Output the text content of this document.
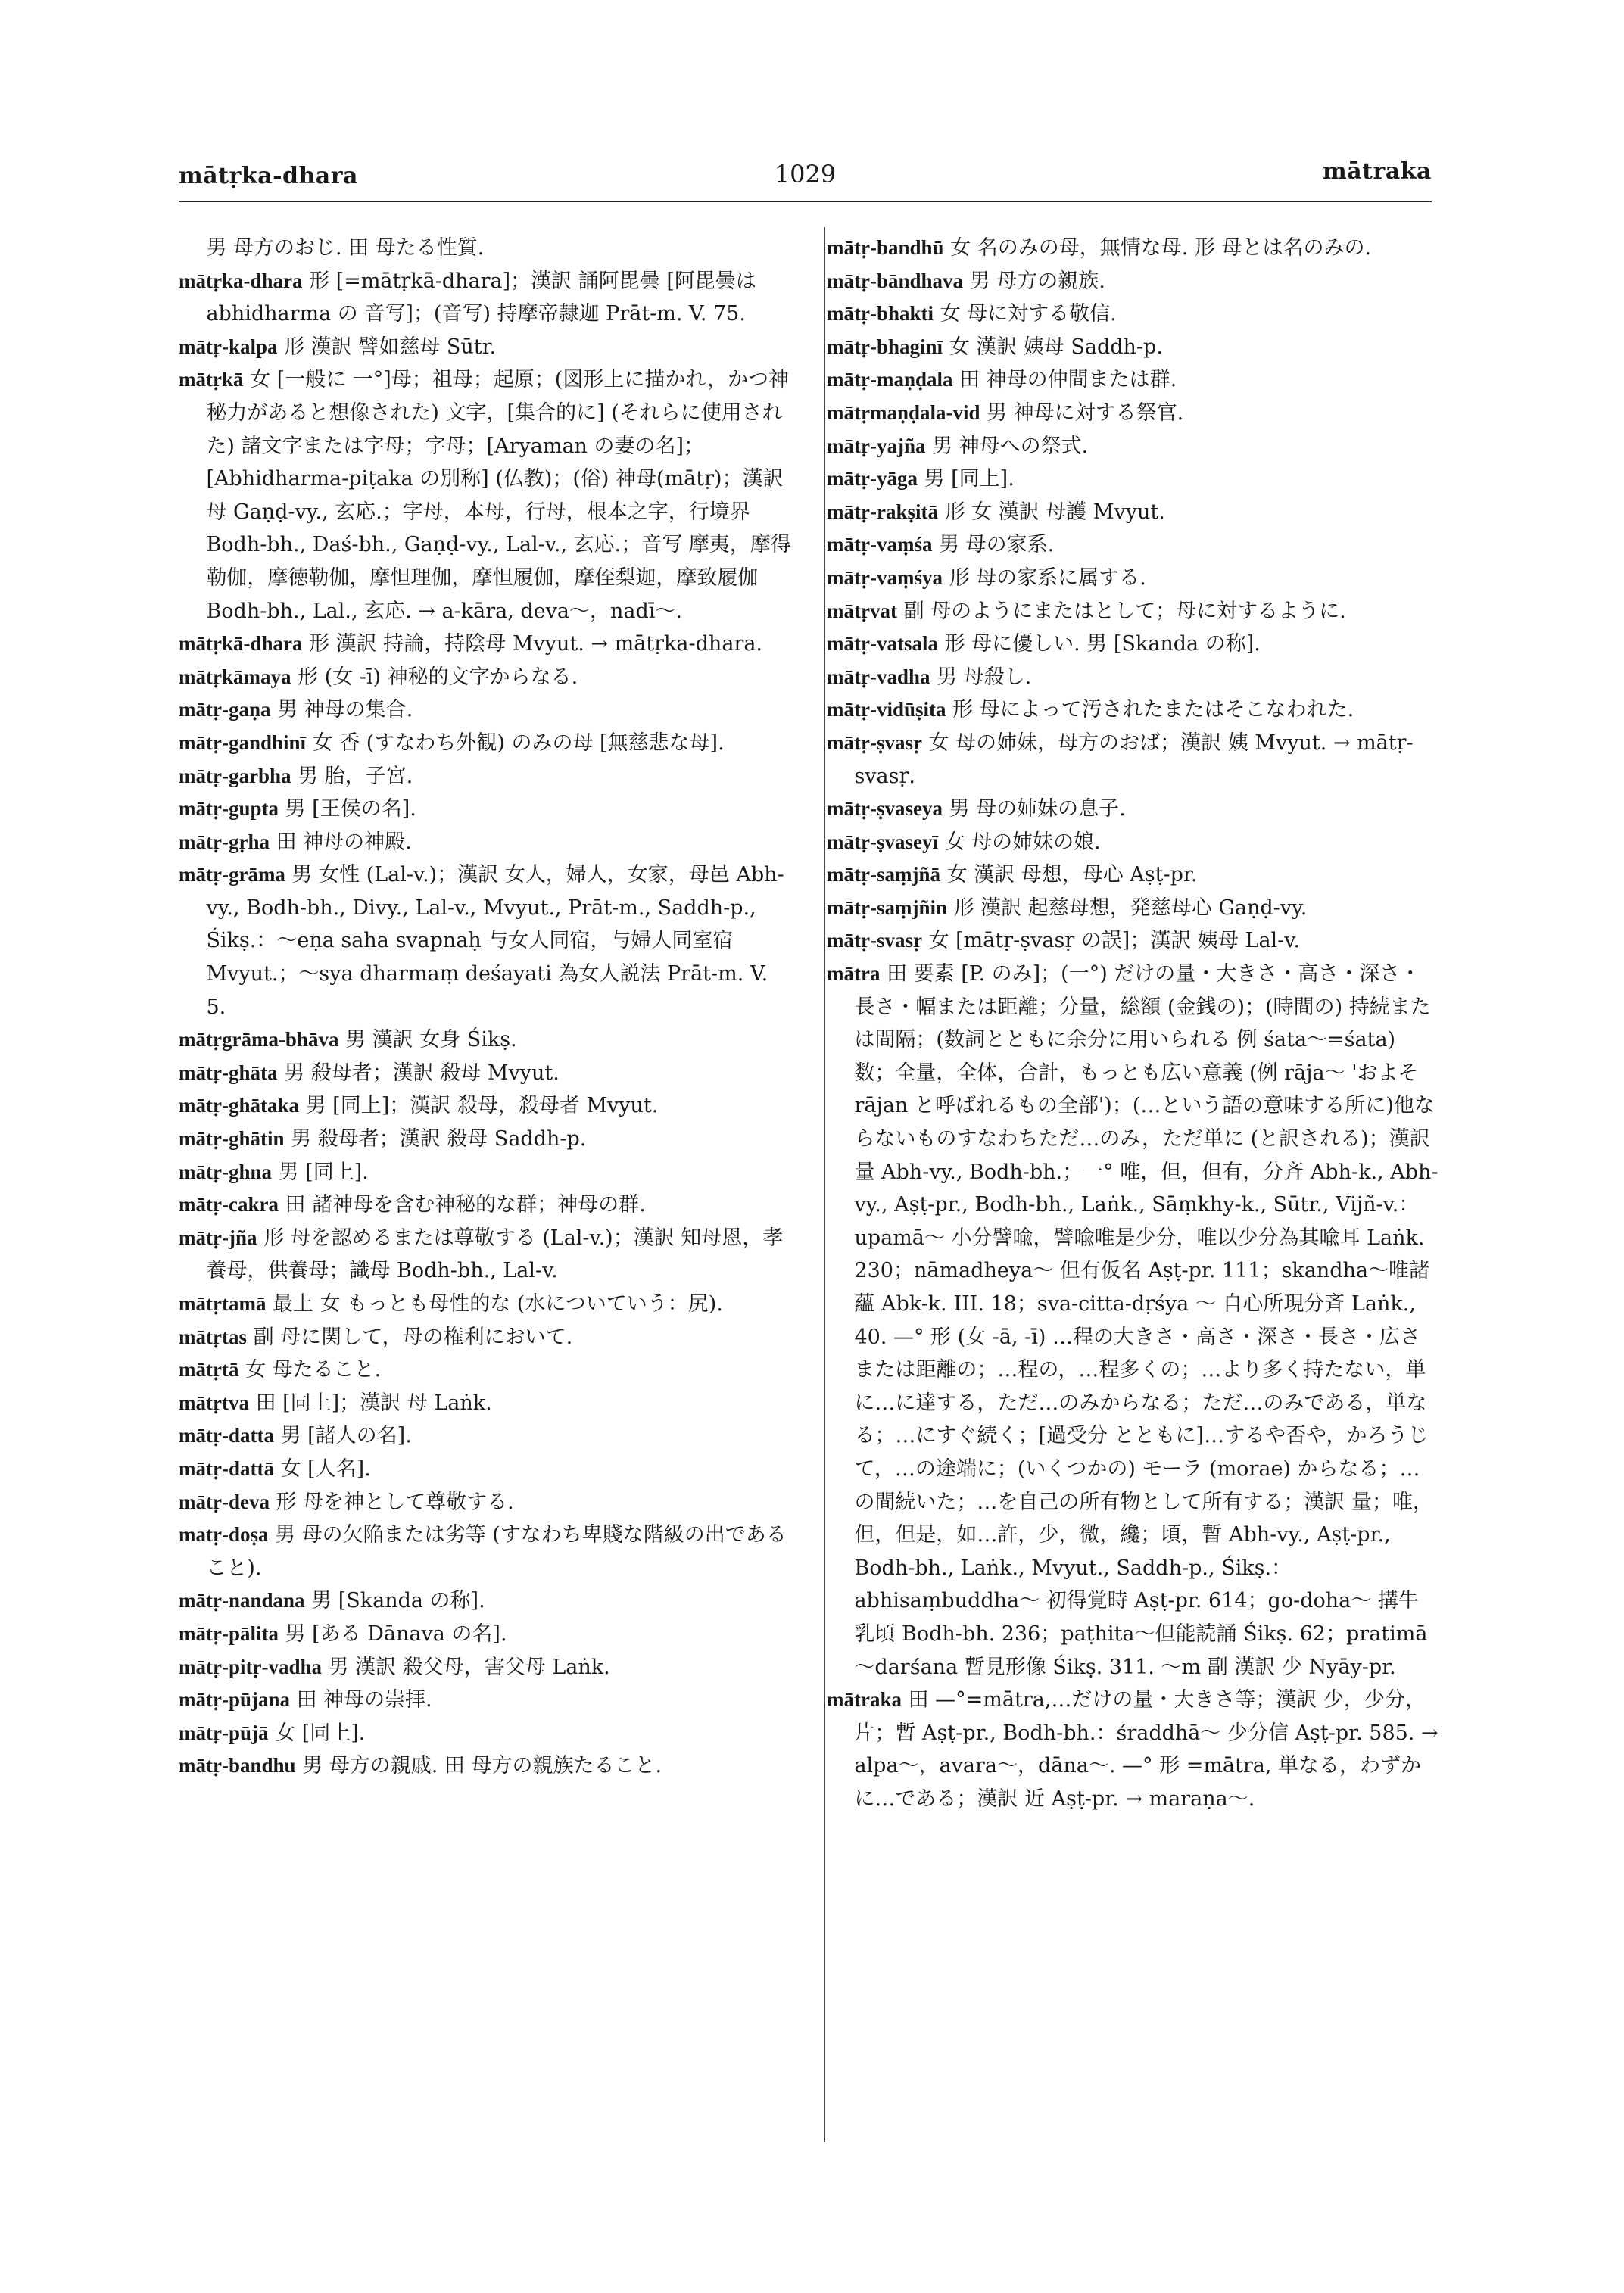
mātṛka-dhara	1029	mātraka

男 母方のおじ. 田 母たる性質.

mātṛka-dhara 形 [=mātṛkā-dhara]；漢訳 誦阿毘曇 [阿毘曇は abhidharma の 音写]；(音写) 持摩帝隷迦 Prāt-m. V. 75.

mātṛ-kalpa 形 漢訳 譬如慈母 Sūtr.

mātṛkā 女 [一般に 一°]母；祖母；起原；(図形上に描かれ，かつ神秘力があると想像された) 文字，[集合的に] (それらに使用された) 諸文字または字母；字母；[Aryaman の妻の名]；[Abhidharma-piṭaka の別称] (仏教)；(俗) 神母(mātṛ)；漢訳 母 Gaṇḍ-vy., 玄応.；字母，本母，行母，根本之字，行境界 Bodh-bh., Daś-bh., Gaṇḍ-vy., Lal-v., 玄応.；音写 摩夷，摩得勒伽，摩徳勒伽，摩怛理伽，摩怛履伽，摩侄梨迦，摩致履伽 Bodh-bh., Lal., 玄応. → a-kāra, deva～，nadī～.

mātṛkā-dhara 形 漢訳 持論，持陰母 Mvyut. → mātṛka-dhara.

mātṛkāmaya 形 (女 -ī) 神秘的文字からなる.

mātṛ-gaṇa 男 神母の集合.

mātṛ-gandhinī 女 香 (すなわち外観) のみの母 [無慈悲な母].

mātṛ-garbha 男 胎，子宮.

mātṛ-gupta 男 [王侯の名].

mātṛ-gṛha 田 神母の神殿.

mātṛ-grāma 男 女性 (Lal-v.)；漢訳 女人，婦人，女家，母邑 Abh-vy., Bodh-bh., Divy., Lal-v., Mvyut., Prāt-m., Saddh-p., Śikṣ.：～eṇa saha svapnaḥ 与女人同宿，与婦人同室宿 Mvyut.；～sya dharmaṃ deśayati 為女人説法 Prāt-m. V. 5.

mātṛgrāma-bhāva 男 漢訳 女身 Śikṣ.

mātṛ-ghāta 男 殺母者；漢訳 殺母 Mvyut.

mātṛ-ghātaka 男 [同上]；漢訳 殺母，殺母者 Mvyut.

mātṛ-ghātin 男 殺母者；漢訳 殺母 Saddh-p.

mātṛ-ghna 男 [同上].

mātṛ-cakra 田 諸神母を含む神秘的な群；神母の群.

mātṛ-jña 形 母を認めるまたは尊敬する (Lal-v.)；漢訳 知母恩，孝養母，供養母；識母 Bodh-bh., Lal-v.

mātṛtamā 最上 女 もっとも母性的な (水についていう：尻).

mātṛtas 副 母に関して，母の権利において.

mātṛtā 女 母たること.

mātṛtva 田 [同上]；漢訳 母 Laṅk.

mātṛ-datta 男 [諸人の名].

mātṛ-dattā 女 [人名].

mātṛ-deva 形 母を神として尊敬する.

matṛ-doṣa 男 母の欠陥または劣等 (すなわち卑賤な階級の出であること).

mātṛ-nandana 男 [Skanda の称].

mātṛ-pālita 男 [ある Dānava の名].

mātṛ-pitṛ-vadha 男 漢訳 殺父母，害父母 Laṅk.

mātṛ-pūjana 田 神母の崇拝.

mātṛ-pūjā 女 [同上].

mātṛ-bandhu 男 母方の親戚. 田 母方の親族たること.

mātṛ-bandhū 女 名のみの母，無情な母. 形 母とは名のみの.

mātṛ-bāndhava 男 母方の親族.

mātṛ-bhakti 女 母に対する敬信.

mātṛ-bhaginī 女 漢訳 姨母 Saddh-p.

mātṛ-maṇḍala 田 神母の仲間または群.

mātṛmaṇḍala-vid 男 神母に対する祭官.

mātṛ-yajña 男 神母への祭式.

mātṛ-yāga 男 [同上].

mātṛ-rakṣitā 形 女 漢訳 母護 Mvyut.

mātṛ-vaṃśa 男 母の家系.

mātṛ-vaṃśya 形 母の家系に属する.

mātṛvat 副 母のようにまたはとして；母に対するように.

mātṛ-vatsala 形 母に優しい. 男 [Skanda の称].

mātṛ-vadha 男 母殺し.

mātṛ-vidūṣita 形 母によって汚されたまたはそこなわれた.

mātṛ-ṣvasṛ 女 母の姉妹，母方のおば；漢訳 姨 Mvyut. → mātṛ-svasṛ.

mātṛ-ṣvaseya 男 母の姉妹の息子.

mātṛ-ṣvaseyī 女 母の姉妹の娘.

mātṛ-saṃjñā 女 漢訳 母想，母心 Aṣṭ-pr.

mātṛ-saṃjñin 形 漢訳 起慈母想，発慈母心 Gaṇḍ-vy.

mātṛ-svasṛ 女 [mātṛ-ṣvasṛ の誤]；漢訳 姨母 Lal-v.

mātra 田 要素 [P. のみ]；(一°) だけの量・大きさ・高さ・深さ・長さ・幅または距離；分量，総額 (金銭の)；(時間の) 持続または間隔；(数詞とともに余分に用いられる 例 śata～=śata) 数；全量，全体，合計，もっとも広い意義 (例 rāja～ 'およそ rājan と呼ばれるもの全部')；(…という語の意味する所に)他ならないものすなわちただ…のみ，ただ単に (と訳される)；漢訳 量 Abh-vy., Bodh-bh.；一° 唯，但，但有，分斉 Abh-k., Abh-vy., Aṣṭ-pr., Bodh-bh., Laṅk., Sāṃkhy-k., Sūtr., Vijñ-v.：upamā～ 小分譬喩，譬喩唯是少分，唯以少分為其喩耳 Laṅk. 230；nāmadheya～ 但有仮名 Aṣṭ-pr. 111；skandha～唯諸蘊 Abk-k. III. 18；sva-citta-dṛśya ～ 自心所現分斉 Laṅk., 40. —° 形 (女 -ā, -ī) …程の大きさ・高さ・深さ・長さ・広さまたは距離の；…程の，…程多くの；…より多く持たない，単に…に達する，ただ…のみからなる；ただ…のみである，単なる；…にすぐ続く；[過受分 とともに]…するや否や，かろうじて，…の途端に；(いくつかの) モーラ (morae) からなる；…の間続いた；…を自己の所有物として所有する；漢訳 量；唯，但，但是，如…許，少，微，纔；頃，暫 Abh-vy., Aṣṭ-pr., Bodh-bh., Laṅk., Mvyut., Saddh-p., Śikṣ.：abhisaṃbuddha～ 初得覚時 Aṣṭ-pr. 614；go-doha～ 搆牛乳頃 Bodh-bh. 236；paṭhita～但能読誦 Śikṣ. 62；pratimā～darśana 暫見形像 Śikṣ. 311. ～m 副 漢訳 少 Nyāy-pr.

mātraka 田 —°=mātra,…だけの量・大きさ等；漢訳 少，少分，片；暫 Aṣṭ-pr., Bodh-bh.：śraddhā～ 少分信 Aṣṭ-pr. 585. → alpa～，avara～，dāna～. —° 形 =mātra, 単なる，わずかに…である；漢訳 近 Aṣṭ-pr. → maraṇa～.
